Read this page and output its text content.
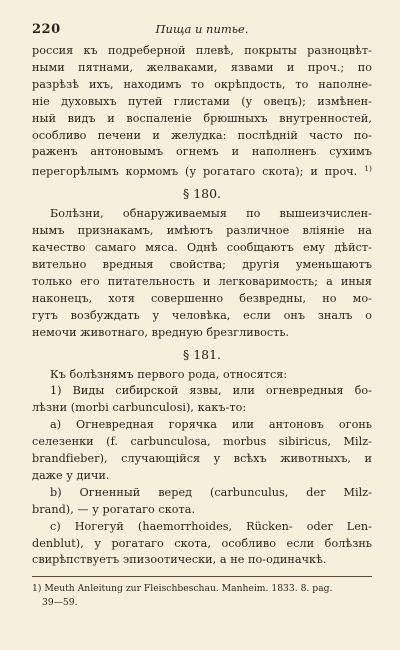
220	Пища и питье.
россия къ подреберной плевѣ, покрыты разноцвѣт-
ными пятнами, желваками, язвами и проч.; по
разрѣзѣ ихъ, находимъ то окрѣпдость, то наполне-
ніе духовыхъ путей глистами (у овецъ); измѣнен-
ный видъ и воспаленіе брюшныхъ внутренностей,
особливо печени и желудка: послѣдній часто по-
раженъ антоновымъ огнемъ и наполненъ сухимъ
перегорѣлымъ кормомъ (у рогатаго скота); и проч. $^{1)}$
§ 180.
Болѣзни, обнаруживаемыя по вышеизчислен-
нымъ признакамъ, имѣютъ различное вліяніе на
качество самаго мяса. Однѣ сообщаютъ ему дѣйст-
вительно вредныя свойства; другія уменьшаютъ
только его питательность и легковаримость; а иныя
наконецъ, хотя совершенно безвредны, но мо-
гутъ возбуждать у человѣка, если онъ зналъ о
немочи животнаго, вредную брезгливость.
§ 181.
Къ болѣзнямъ первого рода, относятся:
1) Виды сибирской язвы, или огневредныя бо-
лѣзни (morbi carbunculosi), какъ-то:
а) Огневредная горячка или антоновъ огонь
селезенки (f. carbunculosa, morbus sibiricus, Milz-
brandfieber), случающійся у всѣхъ животныхъ, и
даже у дичи.
b) Огненный веред (carbunculus, der Milz-
brand), — у рогатаго скота.
c) Ногегуй (haemorrhoides, Rücken- oder Len-
denblut), у рогатаго скота, особливо если болѣзнь
свирѣпствуетъ эпизоотически, а не по-одиначкѣ.
1) Meuth Anleitung zur Fleischbeschau. Manheim. 1833. 8. pag.
39—59.
